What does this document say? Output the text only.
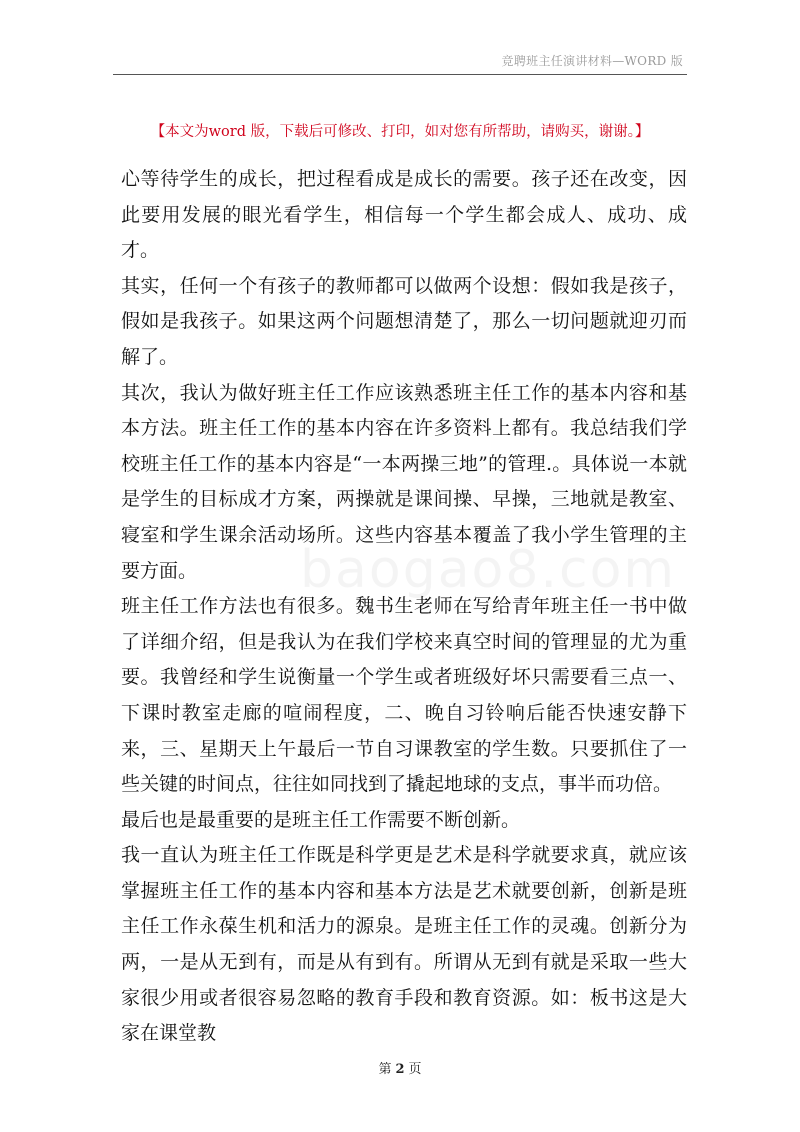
竞聘班主任演讲材料—WORD 版
【本文为word 版，下载后可修改、打印，如对您有所帮助，请购买，谢谢。】
baogao8.com

心等待学生的成长，把过程看成是成长的需要。孩子还在改变，因此要用发展的眼光看学生，相信每一个学生都会成人、成功、成才。

其实，任何一个有孩子的教师都可以做两个设想：假如我是孩子，假如是我孩子。如果这两个问题想清楚了，那么一切问题就迎刃而解了。

其次，我认为做好班主任工作应该熟悉班主任工作的基本内容和基本方法。班主任工作的基本内容在许多资料上都有。我总结我们学校班主任工作的基本内容是“一本两操三地”的管理.。具体说一本就是学生的目标成才方案，两操就是课间操、早操，三地就是教室、寝室和学生课余活动场所。这些内容基本覆盖了我小学生管理的主要方面。

班主任工作方法也有很多。魏书生老师在写给青年班主任一书中做了详细介绍，但是我认为在我们学校来真空时间的管理显的尤为重要。我曾经和学生说衡量一个学生或者班级好坏只需要看三点一、下课时教室走廊的喧闹程度，二、晚自习铃响后能否快速安静下来，三、星期天上午最后一节自习课教室的学生数。只要抓住了一些关键的时间点，往往如同找到了撬起地球的支点，事半而功倍。

最后也是最重要的是班主任工作需要不断创新。

我一直认为班主任工作既是科学更是艺术是科学就要求真，就应该掌握班主任工作的基本内容和基本方法是艺术就要创新，创新是班主任工作永葆生机和活力的源泉。是班主任工作的灵魂。创新分为两，一是从无到有，而是从有到有。所谓从无到有就是采取一些大家很少用或者很容易忽略的教育手段和教育资源。如：板书这是大家在课堂教

第 2 页
